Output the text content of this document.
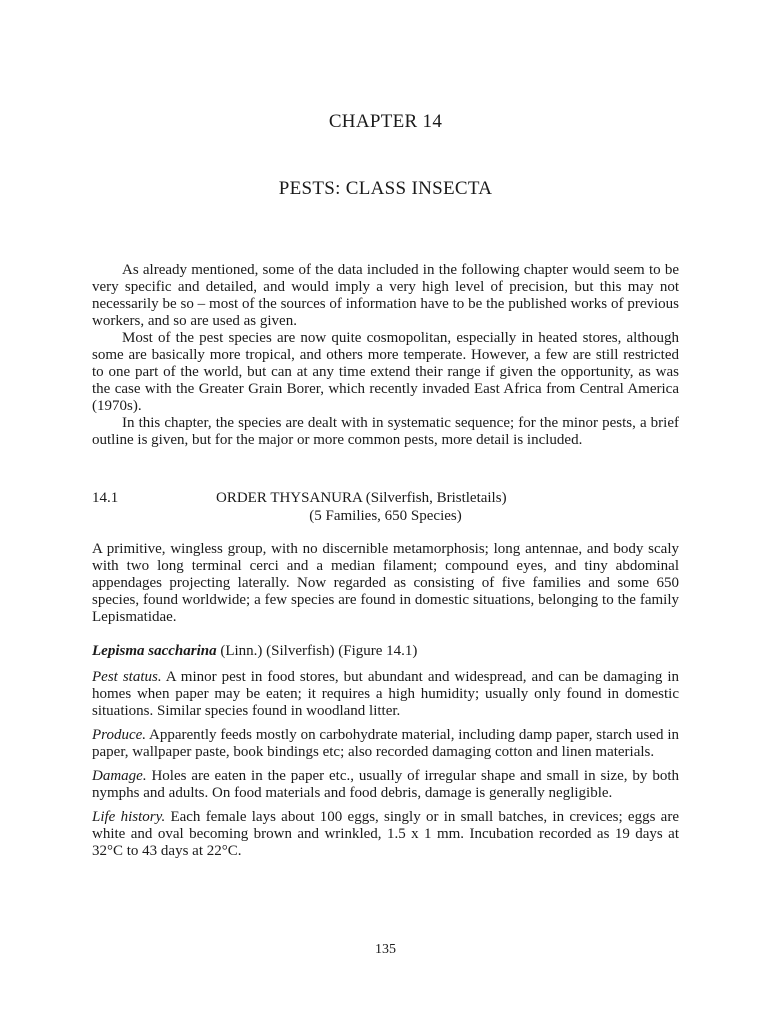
CHAPTER 14
PESTS: CLASS INSECTA

As already mentioned, some of the data included in the following chapter would seem to be very specific and detailed, and would imply a very high level of precision, but this may not necessarily be so – most of the sources of information have to be the published works of previous workers, and so are used as given.

Most of the pest species are now quite cosmopolitan, especially in heated stores, although some are basically more tropical, and others more temperate. However, a few are still restricted to one part of the world, but can at any time extend their range if given the opportunity, as was the case with the Greater Grain Borer, which recently invaded East Africa from Central America (1970s).

In this chapter, the species are dealt with in systematic sequence; for the minor pests, a brief outline is given, but for the major or more common pests, more detail is included.

14.1	ORDER THYSANURA (Silverfish, Bristletails)
(5 Families, 650 Species)

A primitive, wingless group, with no discernible metamorphosis; long antennae, and body scaly with two long terminal cerci and a median filament; compound eyes, and tiny abdominal appendages projecting laterally. Now regarded as consisting of five families and some 650 species, found worldwide; a few species are found in domestic situations, belonging to the family Lepismatidae.

Lepisma saccharina (Linn.) (Silverfish) (Figure 14.1)

Pest status. A minor pest in food stores, but abundant and widespread, and can be damaging in homes when paper may be eaten; it requires a high humidity; usually only found in domestic situations. Similar species found in woodland litter.

Produce. Apparently feeds mostly on carbohydrate material, including damp paper, starch used in paper, wallpaper paste, book bindings etc; also recorded damaging cotton and linen materials.

Damage. Holes are eaten in the paper etc., usually of irregular shape and small in size, by both nymphs and adults. On food materials and food debris, damage is generally negligible.

Life history. Each female lays about 100 eggs, singly or in small batches, in crevices; eggs are white and oval becoming brown and wrinkled, 1.5 x 1 mm. Incubation recorded as 19 days at 32°C to 43 days at 22°C.

135
